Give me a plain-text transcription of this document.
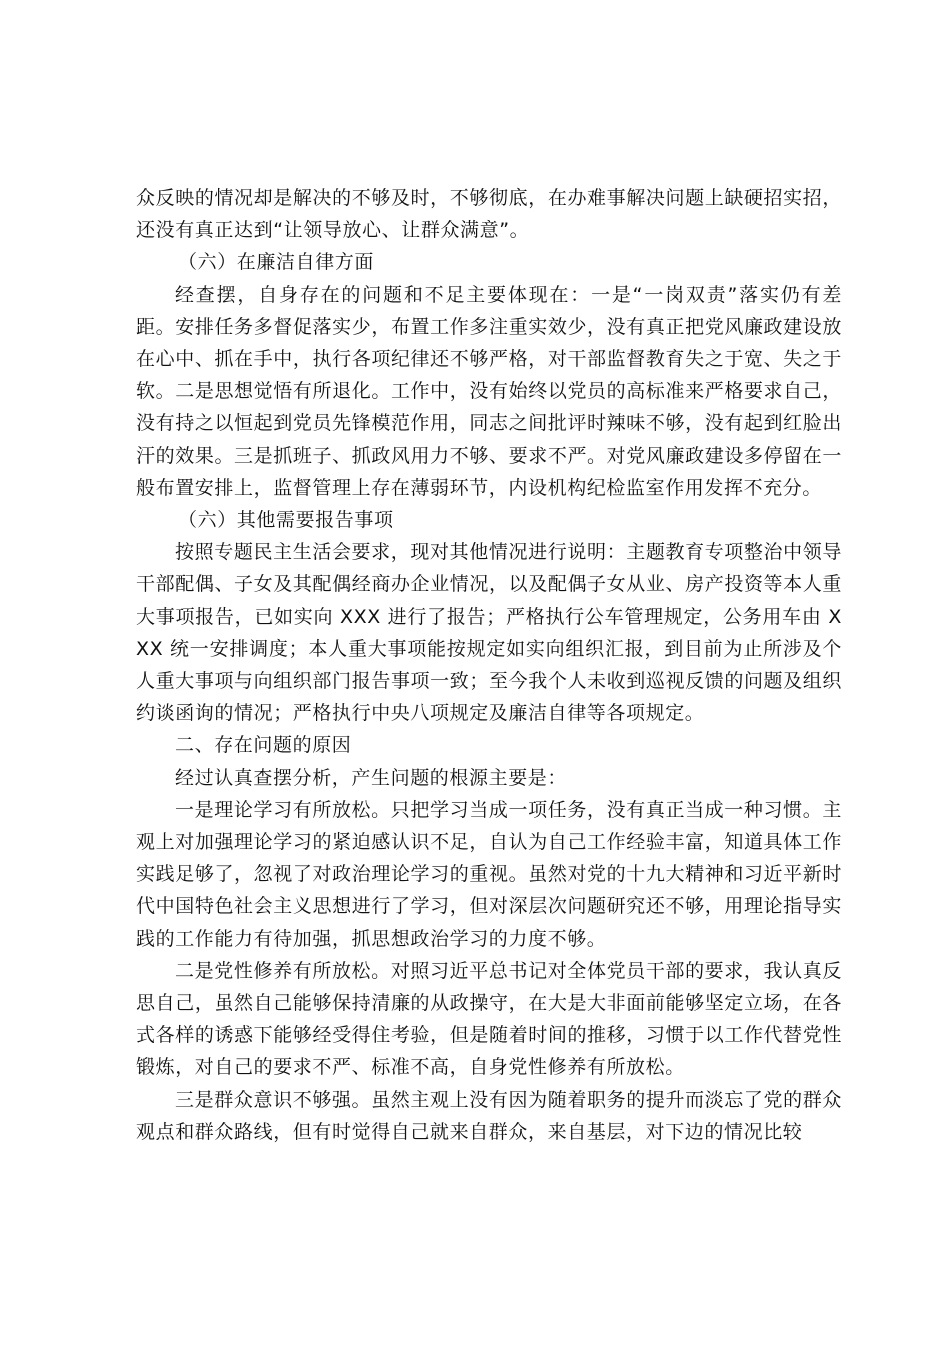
众反映的情况却是解决的不够及时，不够彻底，在办难事解决问题上缺硬招实招，还没有真正达到“让领导放心、让群众满意”。

（六）在廉洁自律方面

经查摆，自身存在的问题和不足主要体现在：一是“一岗双责”落实仍有差距。安排任务多督促落实少，布置工作多注重实效少，没有真正把党风廉政建设放在心中、抓在手中，执行各项纪律还不够严格，对干部监督教育失之于宽、失之于软。二是思想觉悟有所退化。工作中，没有始终以党员的高标准来严格要求自己，没有持之以恒起到党员先锋模范作用，同志之间批评时辣味不够，没有起到红脸出汗的效果。三是抓班子、抓政风用力不够、要求不严。对党风廉政建设多停留在一般布置安排上，监督管理上存在薄弱环节，内设机构纪检监室作用发挥不充分。

（六）其他需要报告事项

按照专题民主生活会要求，现对其他情况进行说明：主题教育专项整治中领导干部配偶、子女及其配偶经商办企业情况，以及配偶子女从业、房产投资等本人重大事项报告，已如实向 XXX 进行了报告；严格执行公车管理规定，公务用车由 XXX 统一安排调度；本人重大事项能按规定如实向组织汇报，到目前为止所涉及个人重大事项与向组织部门报告事项一致；至今我个人未收到巡视反馈的问题及组织约谈函询的情况；严格执行中央八项规定及廉洁自律等各项规定。

二、存在问题的原因

经过认真查摆分析，产生问题的根源主要是：

一是理论学习有所放松。只把学习当成一项任务，没有真正当成一种习惯。主观上对加强理论学习的紧迫感认识不足，自认为自己工作经验丰富，知道具体工作实践足够了，忽视了对政治理论学习的重视。虽然对党的十九大精神和习近平新时代中国特色社会主义思想进行了学习，但对深层次问题研究还不够，用理论指导实践的工作能力有待加强，抓思想政治学习的力度不够。

二是党性修养有所放松。对照习近平总书记对全体党员干部的要求，我认真反思自己，虽然自己能够保持清廉的从政操守，在大是大非面前能够坚定立场，在各式各样的诱惑下能够经受得住考验，但是随着时间的推移，习惯于以工作代替党性锻炼，对自己的要求不严、标准不高，自身党性修养有所放松。

三是群众意识不够强。虽然主观上没有因为随着职务的提升而淡忘了党的群众观点和群众路线，但有时觉得自己就来自群众，来自基层，对下边的情况比较
